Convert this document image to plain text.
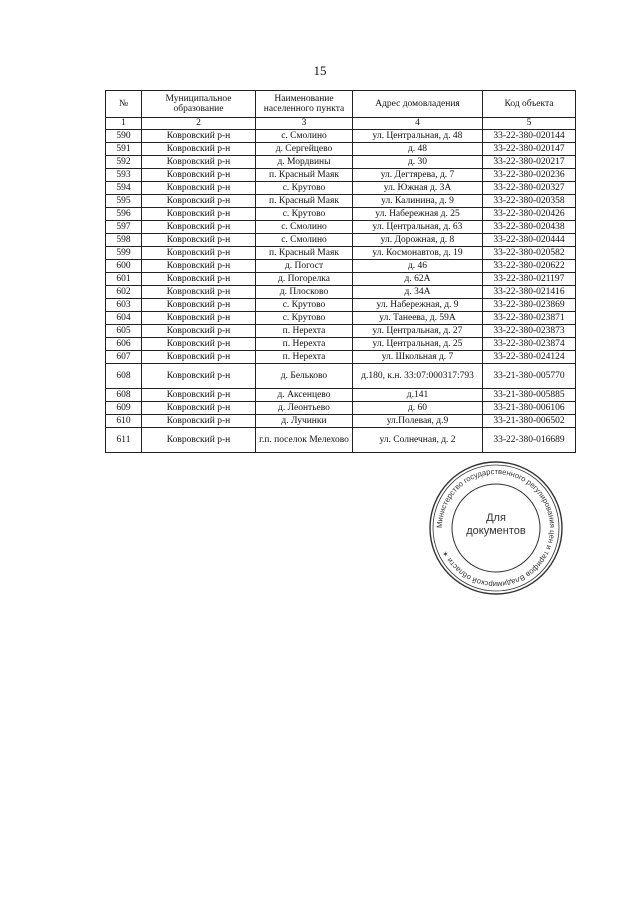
15
№	Муниципальное образование	Наименование населенного пункта	Адрес домовладения	Код объекта
1	2	3	4	5
590	Ковровский р-н	с. Смолино	ул. Центральная, д. 48	33-22-380-020144
591	Ковровский р-н	д. Сергейцево	д. 48	33-22-380-020147
592	Ковровский р-н	д. Мордвины	д. 30	33-22-380-020217
593	Ковровский р-н	п. Красный Маяк	ул. Дегтярева, д. 7	33-22-380-020236
594	Ковровский р-н	с. Крутово	ул. Южная д. 3А	33-22-380-020327
595	Ковровский р-н	п. Красный Маяк	ул. Калинина, д. 9	33-22-380-020358
596	Ковровский р-н	с. Крутово	ул. Набережная д. 25	33-22-380-020426
597	Ковровский р-н	с. Смолино	ул. Центральная, д. 63	33-22-380-020438
598	Ковровский р-н	с. Смолино	ул. Дорожная, д. 8	33-22-380-020444
599	Ковровский р-н	п. Красный Маяк	ул. Космонавтов, д. 19	33-22-380-020582
600	Ковровский р-н	д. Погост	д. 46	33-22-380-020622
601	Ковровский р-н	д. Погорелка	д. 62А	33-22-380-021197
602	Ковровский р-н	д. Плосково	д. 34А	33-22-380-021416
603	Ковровский р-н	с. Крутово	ул. Набережная, д. 9	33-22-380-023869
604	Ковровский р-н	с. Крутово	ул. Танеева, д. 59А	33-22-380-023871
605	Ковровский р-н	п. Нерехта	ул. Центральная, д. 27	33-22-380-023873
606	Ковровский р-н	п. Нерехта	ул. Центральная, д. 25	33-22-380-023874
607	Ковровский р-н	п. Нерехта	ул. Школьная д. 7	33-22-380-024124
608	Ковровский р-н	д. Бельково	д.180, к.н. 33:07:000317:793	33-21-380-005770
608	Ковровский р-н	д. Аксенцево	д.141	33-21-380-005885
609	Ковровский р-н	д. Леонтьево	д. 60	33-21-380-006106
610	Ковровский р-н	д. Лучинки	ул.Полевая, д.9	33-21-380-006502
611	Ковровский р-н	г.п. поселок Мелехово	ул. Солнечная, д. 2	33-22-380-016689
Министерство государственного регулирования цен и тарифов Владимирской области ✶
Для
документов
